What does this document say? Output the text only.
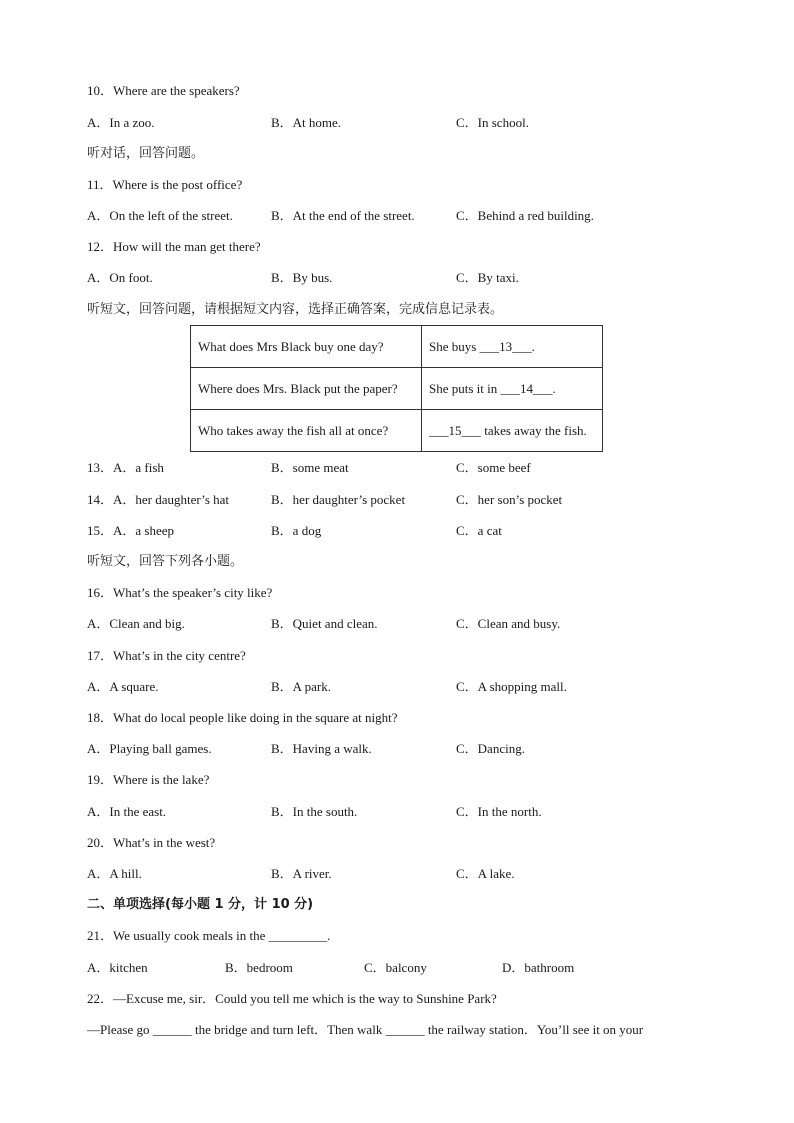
10．Where are the speakers?
A．In a zoo.	B．At home.	C．In school.
听对话，回答问题。
11．Where is the post office?
A．On the left of the street.	B．At the end of the street.	C．Behind a red building.
12．How will the man get there?
A．On foot.	B．By bus.	C．By taxi.
听短文，回答问题，请根据短文内容，选择正确答案，完成信息记录表。
What does Mrs Black buy one day?	She buys ___13___.
Where does Mrs. Black put the paper?	She puts it in ___14___.
Who takes away the fish all at once?	___15___ takes away the fish.
13．A．a fish	B．some meat	C．some beef
14．A．her daughter’s hat	B．her daughter’s pocket	C．her son’s pocket
15．A．a sheep	B．a dog	C．a cat
听短文，回答下列各小题。
16．What’s the speaker’s city like?
A．Clean and big.	B．Quiet and clean.	C．Clean and busy.
17．What’s in the city centre?
A．A square.	B．A park.	C．A shopping mall.
18．What do local people like doing in the square at night?
A．Playing ball games.	B．Having a walk.	C．Dancing.
19．Where is the lake?
A．In the east.	B．In the south.	C．In the north.
20．What’s in the west?
A．A hill.	B．A river.	C．A lake.
二、单项选择(每小题 1 分，计 10 分)
21．We usually cook meals in the _________.
A．kitchen	B．bedroom	C．balcony	D．bathroom
22．—Excuse me, sir．Could you tell me which is the way to Sunshine Park?
—Please go ______ the bridge and turn left．Then walk ______ the railway station．You’ll see it on your
